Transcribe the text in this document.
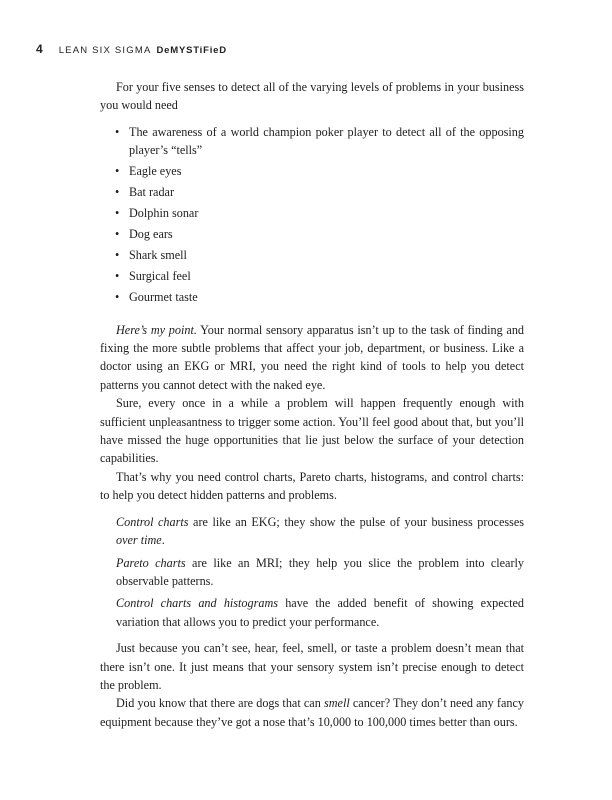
4 LEAN SIX SIGMA DeMYSTiFieD

For your five senses to detect all of the varying levels of problems in your business you would need

• The awareness of a world champion poker player to detect all of the opposing player’s “tells”
• Eagle eyes
• Bat radar
• Dolphin sonar
• Dog ears
• Shark smell
• Surgical feel
• Gourmet taste

Here’s my point. Your normal sensory apparatus isn’t up to the task of finding and fixing the more subtle problems that affect your job, department, or business. Like a doctor using an EKG or MRI, you need the right kind of tools to help you detect patterns you cannot detect with the naked eye.

Sure, every once in a while a problem will happen frequently enough with sufficient unpleasantness to trigger some action. You’ll feel good about that, but you’ll have missed the huge opportunities that lie just below the surface of your detection capabilities.

That’s why you need control charts, Pareto charts, histograms, and control charts: to help you detect hidden patterns and problems.

Control charts are like an EKG; they show the pulse of your business processes over time.

Pareto charts are like an MRI; they help you slice the problem into clearly observable patterns.

Control charts and histograms have the added benefit of showing expected variation that allows you to predict your performance.

Just because you can’t see, hear, feel, smell, or taste a problem doesn’t mean that there isn’t one. It just means that your sensory system isn’t precise enough to detect the problem.

Did you know that there are dogs that can smell cancer? They don’t need any fancy equipment because they’ve got a nose that’s 10,000 to 100,000 times better than ours.
